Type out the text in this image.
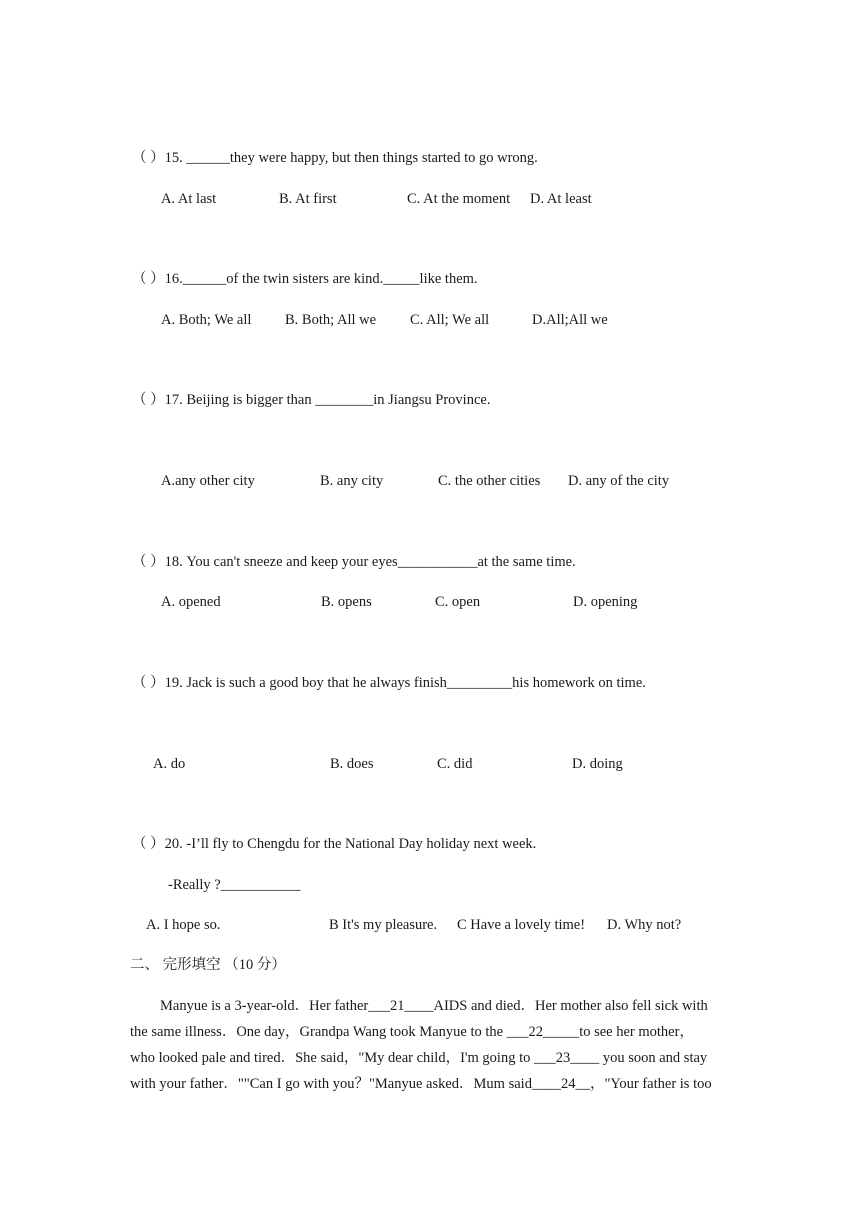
（ ）15. ______they were happy, but then things started to go wrong.
A. At last	B. At first	C. At the moment D. At least
（ ）16.______of the twin sisters are kind._____like them.
A. Both; We all B. Both; All we C. All; We all	D.All;All we
（ ）17. Beijing is bigger than ________in Jiangsu Province.
A.any other city	B. any city	C. the other cities D. any of the city
（ ）18. You can't sneeze and keep your eyes___________at the same time.
A. opened	B. opens	C. open	D. opening
（ ）19. Jack is such a good boy that he always finish_________his homework on time.
A. do	B. does	C. did	D. doing
（ ）20. -I’ll fly to Chengdu for the National Day holiday next week.
-Really ?___________
A. I hope so.	B It's my pleasure. C Have a lovely time! D. Why not?
二、 完形填空 （10 分）

Manyue is a 3-year-old．Her father___21____AIDS and died．Her mother also fell sick with

the same illness．One day，Grandpa Wang took Manyue to the ___22_____to see her mother，

who looked pale and tired．She said，"My dear child，I'm going to ___23____ you soon and stay

with your father．""Can I go with you？"Manyue asked．Mum said____24__，"Your father is too
